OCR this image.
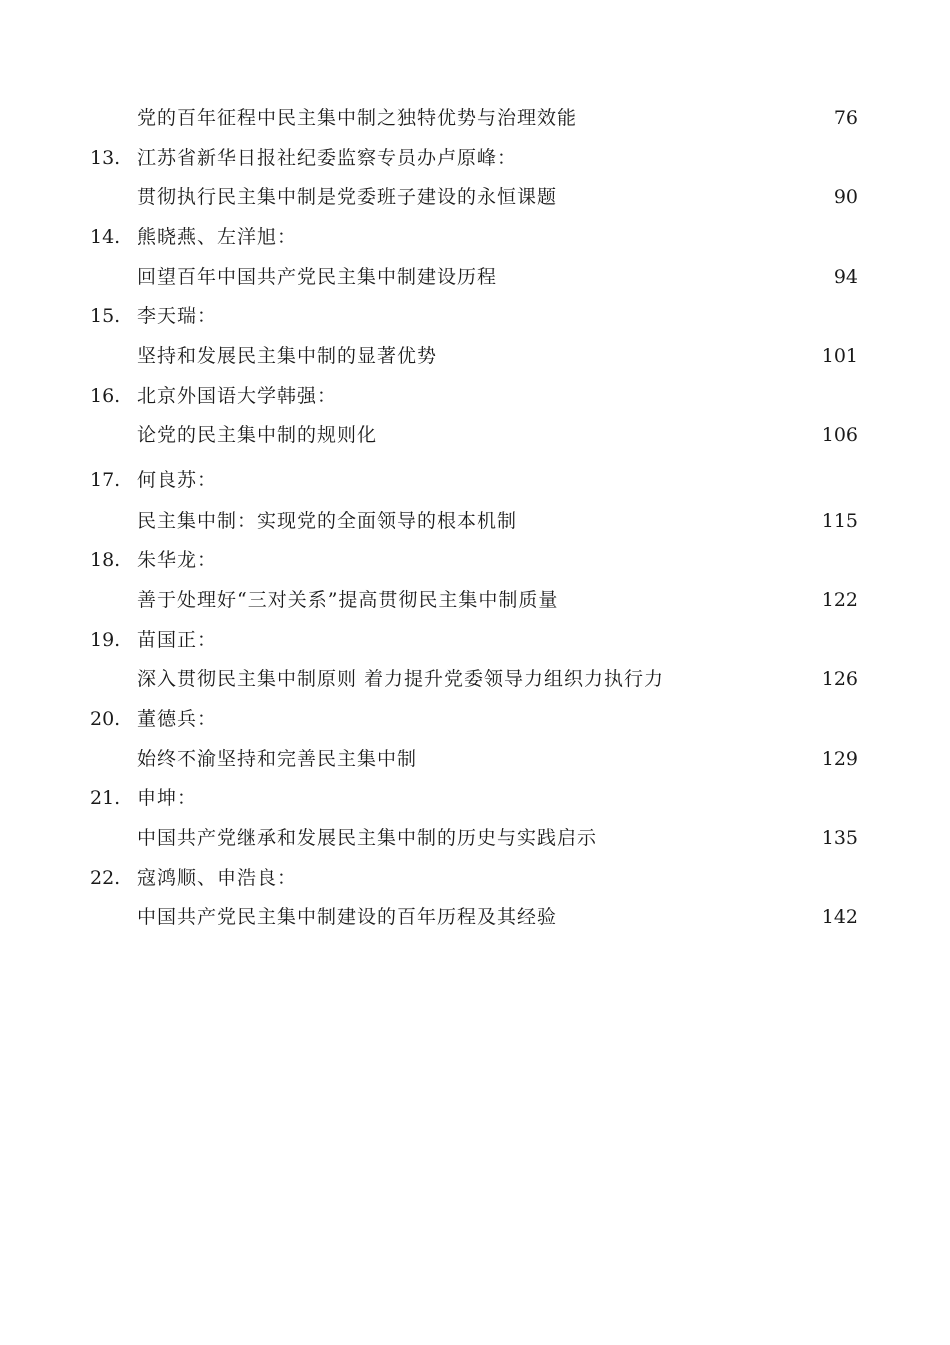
党的百年征程中民主集中制之独特优势与治理效能	76
13. 江苏省新华日报社纪委监察专员办卢原峰：
贯彻执行民主集中制是党委班子建设的永恒课题	90
14. 熊晓燕、左洋旭：
回望百年中国共产党民主集中制建设历程	94
15. 李天瑞：
坚持和发展民主集中制的显著优势	101
16. 北京外国语大学韩强：
论党的民主集中制的规则化	106
17. 何良苏：
民主集中制：实现党的全面领导的根本机制	115
18. 朱华龙：
善于处理好“三对关系”提高贯彻民主集中制质量	122
19. 苗国正：
深入贯彻民主集中制原则 着力提升党委领导力组织力执行力	126
20. 董德兵：
始终不渝坚持和完善民主集中制	129
21. 申坤：
中国共产党继承和发展民主集中制的历史与实践启示	135
22. 寇鸿顺、申浩良：
中国共产党民主集中制建设的百年历程及其经验	142
